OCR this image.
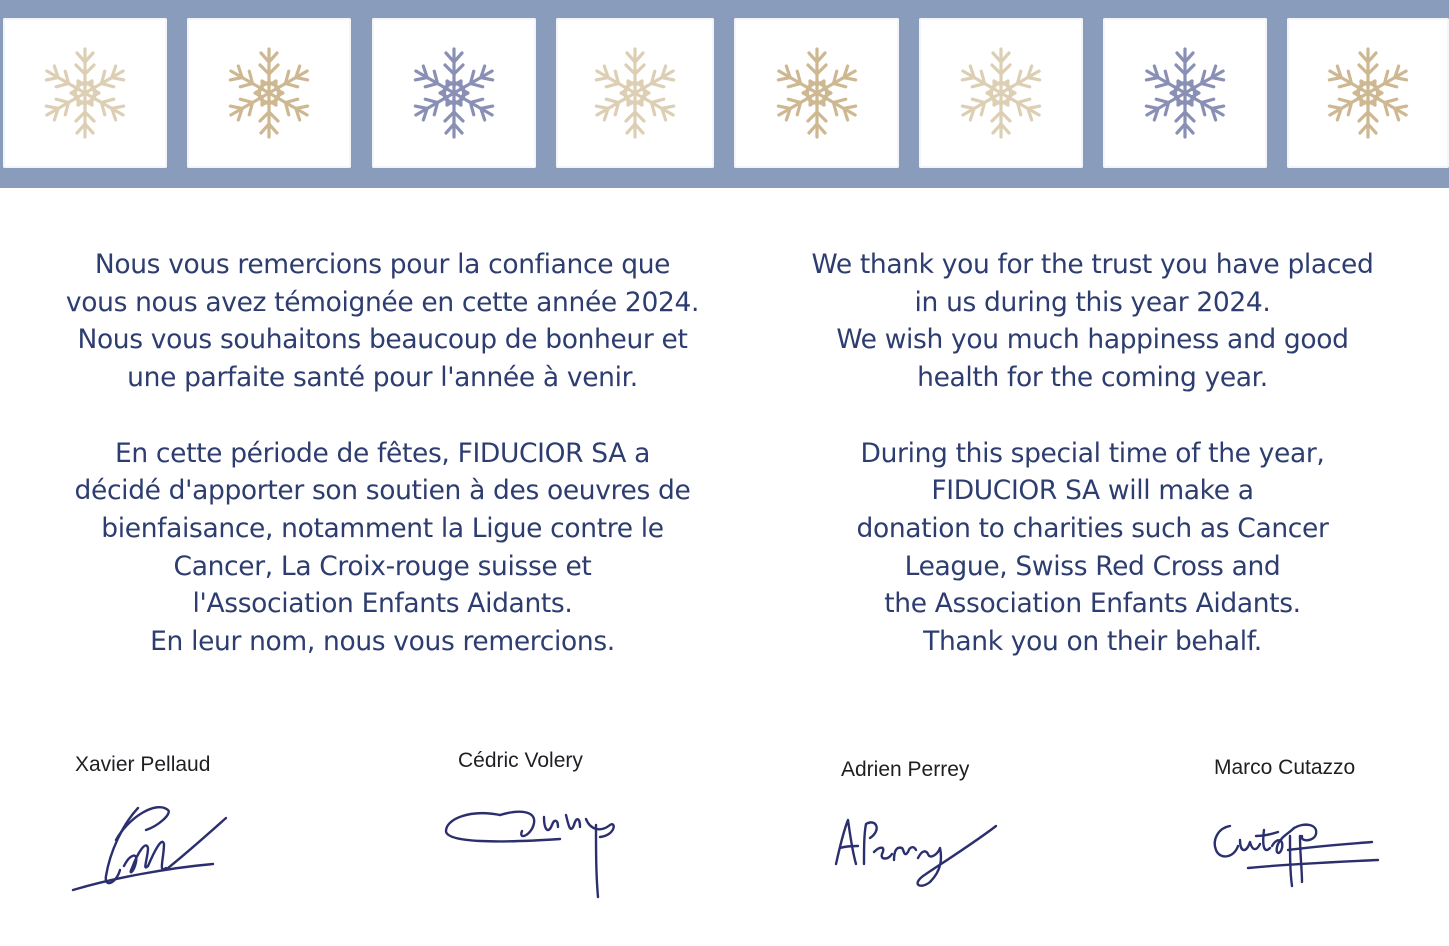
Nous vous remercions pour la confiance que
vous nous avez témoignée en cette année 2024.
Nous vous souhaitons beaucoup de bonheur et
une parfaite santé pour l'année à venir.
En cette période de fêtes, FIDUCIOR SA a
décidé d'apporter son soutien à des oeuvres de
bienfaisance, notamment la Ligue contre le
Cancer, La Croix-rouge suisse et
l'Association Enfants Aidants.
En leur nom, nous vous remercions.
We thank you for the trust you have placed
in us during this year 2024.
We wish you much happiness and good
health for the coming year.
During this special time of the year,
FIDUCIOR SA will make a
donation to charities such as Cancer
League, Swiss Red Cross and
the Association Enfants Aidants.
Thank you on their behalf.
Xavier Pellaud	Cédric Volery	Adrien Perrey	Marco Cutazzo
